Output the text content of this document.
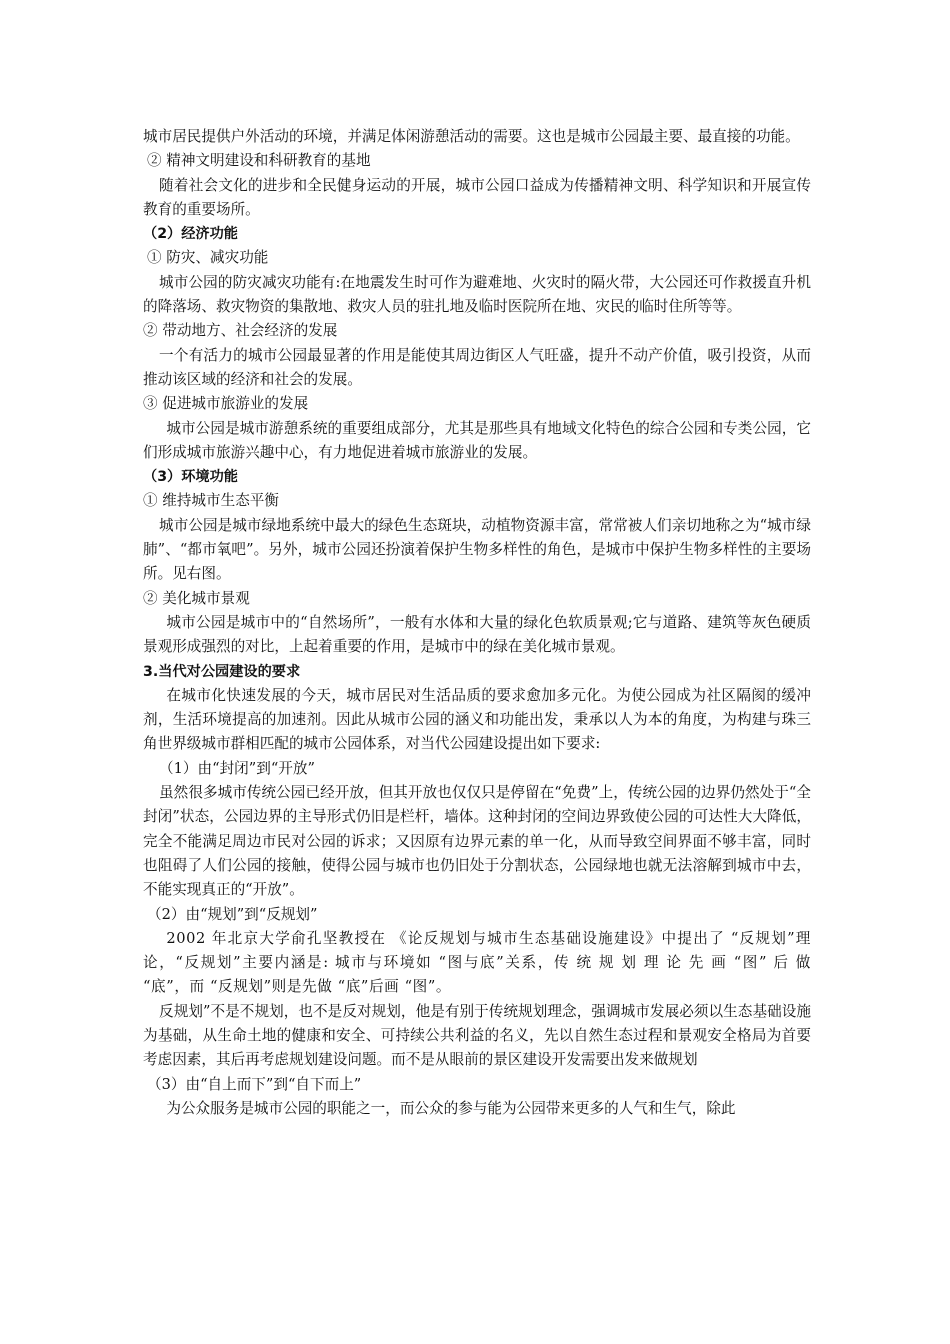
城市居民提供户外活动的环境，并满足体闲游憩活动的需要。这也是城市公园最主要、最直接的功能。

② 精神文明建设和科研教育的基地

随着社会文化的进步和全民健身运动的开展，城市公园口益成为传播精神文明、科学知识和开展宣传教育的重要场所。

（2）经济功能

① 防灾、减灾功能

城市公园的防灾减灾功能有:在地震发生时可作为避难地、火灾时的隔火带，大公园还可作救援直升机的降落场、救灾物资的集散地、救灾人员的驻扎地及临时医院所在地、灾民的临时住所等等。

② 带动地方、社会经济的发展

一个有活力的城市公园最显著的作用是能使其周边街区人气旺盛，提升不动产价值，吸引投资，从而推动该区域的经济和社会的发展。

③ 促进城市旅游业的发展

城市公园是城市游憩系统的重要组成部分，尤其是那些具有地域文化特色的综合公园和专类公园，它们形成城市旅游兴趣中心，有力地促进着城市旅游业的发展。

（3）环境功能

① 维持城市生态平衡

城市公园是城市绿地系统中最大的绿色生态斑块，动植物资源丰富，常常被人们亲切地称之为“城市绿肺”、“都市氧吧”。另外，城市公园还扮演着保护生物多样性的角色，是城市中保护生物多样性的主要场所。见右图。

② 美化城市景观

城市公园是城市中的“自然场所”，一般有水体和大量的绿化色软质景观;它与道路、建筑等灰色硬质景观形成强烈的对比，上起着重要的作用，是城市中的绿在美化城市景观。

3.当代对公园建设的要求

在城市化快速发展的今天，城市居民对生活品质的要求愈加多元化。为使公园成为社区隔阂的缓冲剂，生活环境提高的加速剂。因此从城市公园的涵义和功能出发，秉承以人为本的角度，为构建与珠三角世界级城市群相匹配的城市公园体系，对当代公园建设提出如下要求:

（1）由“封闭”到“开放”

虽然很多城市传统公园已经开放，但其开放也仅仅只是停留在“免费”上，传统公园的边界仍然处于“全封闭”状态，公园边界的主导形式仍旧是栏杆，墙体。这种封闭的空间边界致使公园的可达性大大降低，完全不能满足周边市民对公园的诉求；又因原有边界元素的单一化，从而导致空间界面不够丰富，同时也阻碍了人们公园的接触，使得公园与城市也仍旧处于分割状态，公园绿地也就无法溶解到城市中去，不能实现真正的“开放”。

（2）由“规划”到“反规划”

2002 年北京大学俞孔坚教授在 《论反规划与城市生态基础设施建设》中提出了 “反规划”理论，“反规划”主要内涵是: 城市与环境如 “图与底”关系，传 统 规 划 理 论 先 画 “图” 后 做 “底”，而 “反规划”则是先做 “底”后画 “图”。

反规划”不是不规划，也不是反对规划，他是有别于传统规划理念，强调城市发展必须以生态基础设施为基础，从生命土地的健康和安全、可持续公共利益的名义，先以自然生态过程和景观安全格局为首要考虑因素，其后再考虑规划建设问题。而不是从眼前的景区建设开发需要出发来做规划

（3）由“自上而下”到“自下而上”

为公众服务是城市公园的职能之一，而公众的参与能为公园带来更多的人气和生气，除此
